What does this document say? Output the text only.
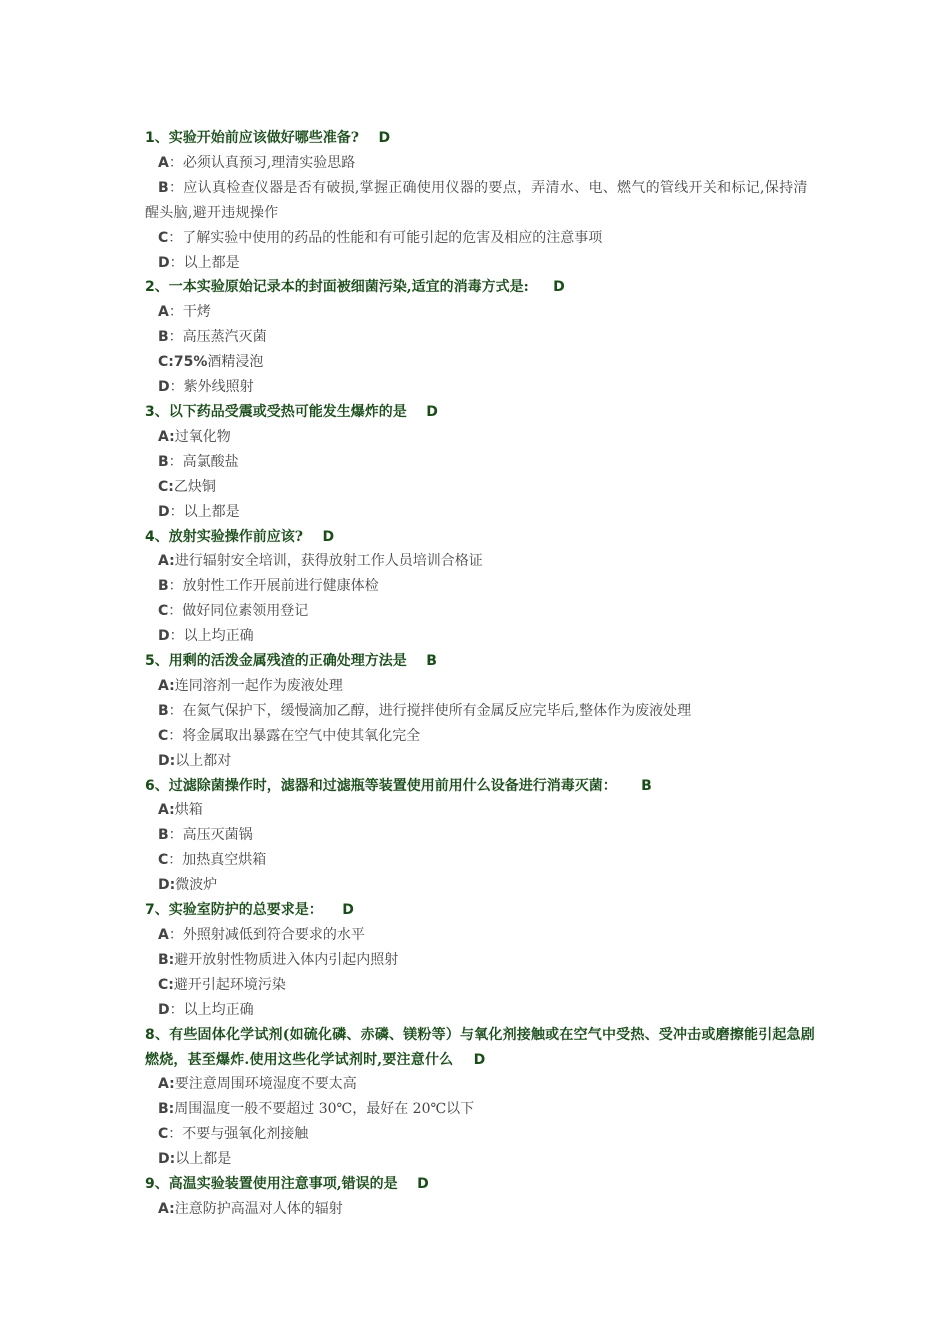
1、实验开始前应该做好哪些准备? D
A：必须认真预习,理清实验思路
B：应认真检查仪器是否有破损,掌握正确使用仪器的要点，弄清水、电、燃气的管线开关和标记,保持清醒头脑,避开违规操作
C：了解实验中使用的药品的性能和有可能引起的危害及相应的注意事项
D：以上都是
2、一本实验原始记录本的封面被细菌污染,适宜的消毒方式是: D
A：干烤
B：高压蒸汽灭菌
C:75%酒精浸泡
D：紫外线照射
3、以下药品受震或受热可能发生爆炸的是 D
A:过氧化物
B：高氯酸盐
C:乙炔铜
D：以上都是
4、放射实验操作前应该? D
A:进行辐射安全培训，获得放射工作人员培训合格证
B：放射性工作开展前进行健康体检
C：做好同位素领用登记
D：以上均正确
5、用剩的活泼金属残渣的正确处理方法是 B
A:连同溶剂一起作为废液处理
B：在氮气保护下，缓慢滴加乙醇，进行搅拌使所有金属反应完毕后,整体作为废液处理
C：将金属取出暴露在空气中使其氧化完全
D:以上都对
6、过滤除菌操作时，滤器和过滤瓶等装置使用前用什么设备进行消毒灭菌： B
A:烘箱
B：高压灭菌锅
C：加热真空烘箱
D:微波炉
7、实验室防护的总要求是： D
A：外照射减低到符合要求的水平
B:避开放射性物质进入体内引起内照射
C:避开引起环境污染
D：以上均正确
8、有些固体化学试剂(如硫化磷、赤磷、镁粉等）与氧化剂接触或在空气中受热、受冲击或磨擦能引起急剧燃烧，甚至爆炸.使用这些化学试剂时,要注意什么 D
A:要注意周围环境湿度不要太高
B:周围温度一般不要超过 30℃，最好在 20℃以下
C：不要与强氧化剂接触
D:以上都是
9、高温实验装置使用注意事项,错误的是 D
A:注意防护高温对人体的辐射
